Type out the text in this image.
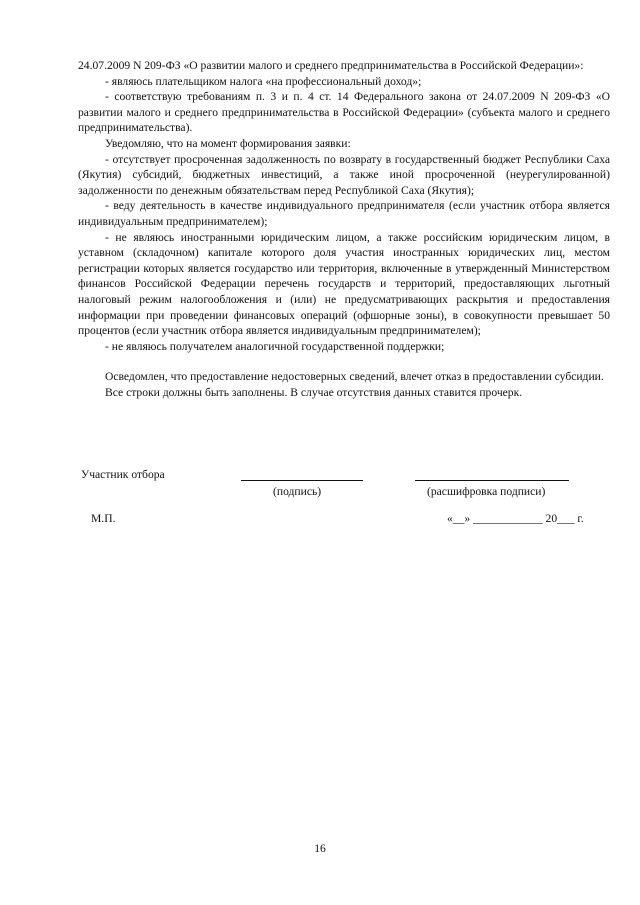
24.07.2009 N 209-ФЗ «О развитии малого и среднего предпринимательства в Российской Федерации»:

- являюсь плательщиком налога «на профессиональный доход»;

- соответствую требованиям п. 3 и п. 4 ст. 14 Федерального закона от 24.07.2009 N 209-ФЗ «О развитии малого и среднего предпринимательства в Российской Федерации» (субъекта малого и среднего предпринимательства).

Уведомляю, что на момент формирования заявки:

- отсутствует просроченная задолженность по возврату в государственный бюджет Республики Саха (Якутия) субсидий, бюджетных инвестиций, а также иной просроченной (неурегулированной) задолженности по денежным обязательствам перед Республикой Саха (Якутия);

- веду деятельность в качестве индивидуального предпринимателя (если участник отбора является индивидуальным предпринимателем);

- не являюсь иностранными юридическим лицом, а также российским юридическим лицом, в уставном (складочном) капитале которого доля участия иностранных юридических лиц, местом регистрации которых является государство или территория, включенные в утвержденный Министерством финансов Российской Федерации перечень государств и территорий, предоставляющих льготный налоговый режим налогообложения и (или) не предусматривающих раскрытия и предоставления информации при проведении финансовых операций (офшорные зоны), в совокупности превышает 50 процентов (если участник отбора является индивидуальным предпринимателем);

- не являюсь получателем аналогичной государственной поддержки;

Осведомлен, что предоставление недостоверных сведений, влечет отказ в предоставлении субсидии.

Все строки должны быть заполнены. В случае отсутствия данных ставится прочерк.

Участник отбора
(подпись)	(расшифровка подписи)
М.П.	«__» ____________ 20___ г.
16
